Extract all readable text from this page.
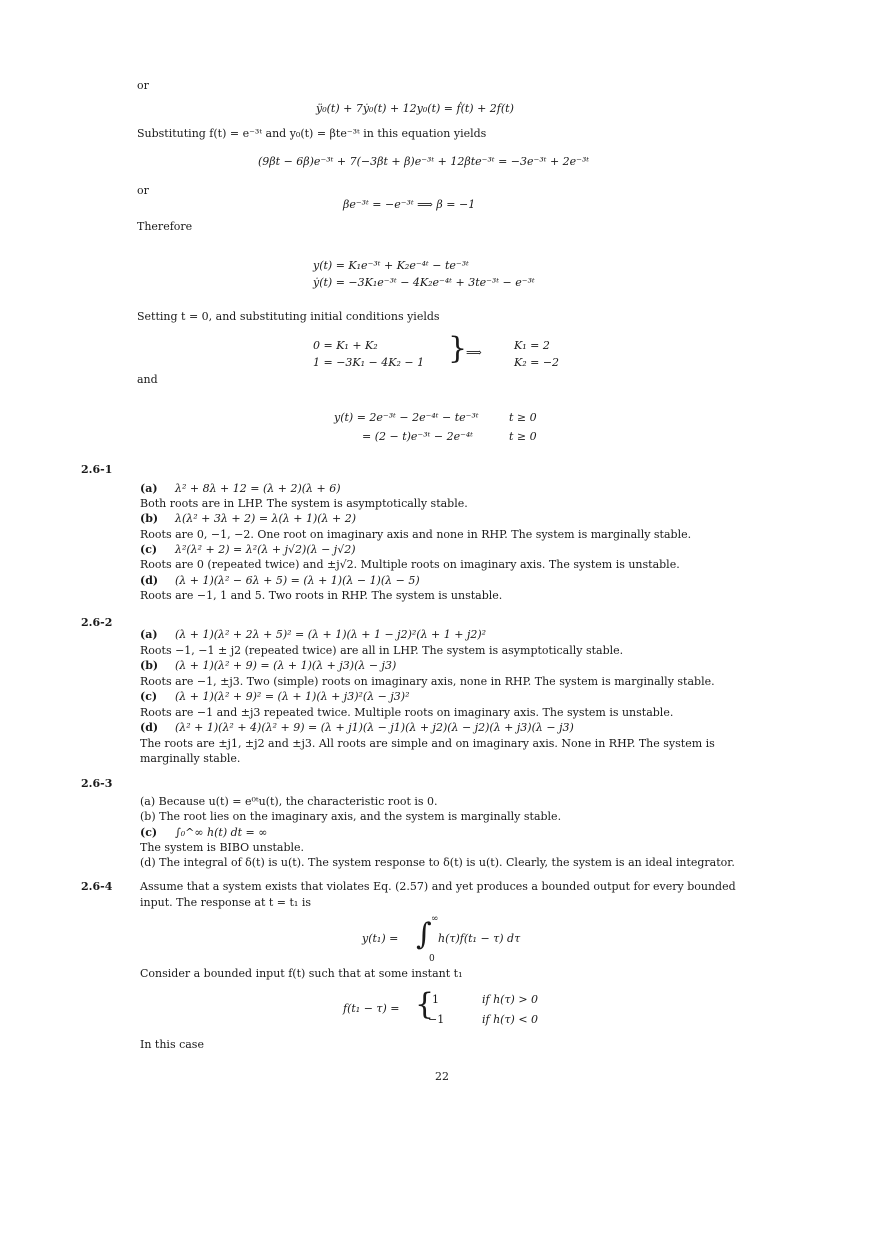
or
ÿ₀(t) + 7ẏ₀(t) + 12y₀(t) = ḟ(t) + 2f(t)
Substituting f(t) = e⁻³ᵗ and y₀(t) = βte⁻³ᵗ in this equation yields
(9βt − 6β)e⁻³ᵗ + 7(−3βt + β)e⁻³ᵗ + 12βte⁻³ᵗ = −3e⁻³ᵗ + 2e⁻³ᵗ
or
βe⁻³ᵗ = −e⁻³ᵗ ⟹ β = −1
Therefore
y(t) = K₁e⁻³ᵗ + K₂e⁻⁴ᵗ − te⁻³ᵗ
ẏ(t) = −3K₁e⁻³ᵗ − 4K₂e⁻⁴ᵗ + 3te⁻³ᵗ − e⁻³ᵗ
Setting t = 0, and substituting initial conditions yields
0 = K₁ + K₂
1 = −3K₁ − 4K₂ − 1 }
⟹
K₁ = 2
K₂ = −2
and
y(t) = 2e⁻³ᵗ − 2e⁻⁴ᵗ − te⁻³ᵗ	t ≥ 0
= (2 − t)e⁻³ᵗ − 2e⁻⁴ᵗ	t ≥ 0
2.6-1
(a) λ² + 8λ + 12 = (λ + 2)(λ + 6)
Both roots are in LHP. The system is asymptotically stable.
(b) λ(λ² + 3λ + 2) = λ(λ + 1)(λ + 2)
Roots are 0, −1, −2. One root on imaginary axis and none in RHP. The system is marginally stable.
(c) λ²(λ² + 2) = λ²(λ + j√2)(λ − j√2)
Roots are 0 (repeated twice) and ±j√2. Multiple roots on imaginary axis. The system is unstable.
(d) (λ + 1)(λ² − 6λ + 5) = (λ + 1)(λ − 1)(λ − 5)
Roots are −1, 1 and 5. Two roots in RHP. The system is unstable.
2.6-2
(a) (λ + 1)(λ² + 2λ + 5)² = (λ + 1)(λ + 1 − j2)²(λ + 1 + j2)²
Roots −1, −1 ± j2 (repeated twice) are all in LHP. The system is asymptotically stable.
(b) (λ + 1)(λ² + 9) = (λ + 1)(λ + j3)(λ − j3)
Roots are −1, ±j3. Two (simple) roots on imaginary axis, none in RHP. The system is marginally stable.
(c) (λ + 1)(λ² + 9)² = (λ + 1)(λ + j3)²(λ − j3)²
Roots are −1 and ±j3 repeated twice. Multiple roots on imaginary axis. The system is unstable.
(d) (λ² + 1)(λ² + 4)(λ² + 9) = (λ + j1)(λ − j1)(λ + j2)(λ − j2)(λ + j3)(λ − j3)
The roots are ±j1, ±j2 and ±j3. All roots are simple and on imaginary axis. None in RHP. The system is
marginally stable.
2.6-3
(a) Because u(t) = e⁰ᵗu(t), the characteristic root is 0.
(b) The root lies on the imaginary axis, and the system is marginally stable.
(c) ∫₀^∞ h(t) dt = ∞
The system is BIBO unstable.
(d) The integral of δ(t) is u(t). The system response to δ(t) is u(t). Clearly, the system is an ideal integrator.
2.6-4	Assume that a system exists that violates Eq. (2.57) and yet produces a bounded output for every bounded
input. The response at t = t₁ is
y(t₁) = ∫ ∞
0
h(τ)f(t₁ − τ) dτ
Consider a bounded input f(t) such that at some instant t₁
f(t₁ − τ) = {
1	if h(τ) > 0
−1	if h(τ) < 0
In this case
22
